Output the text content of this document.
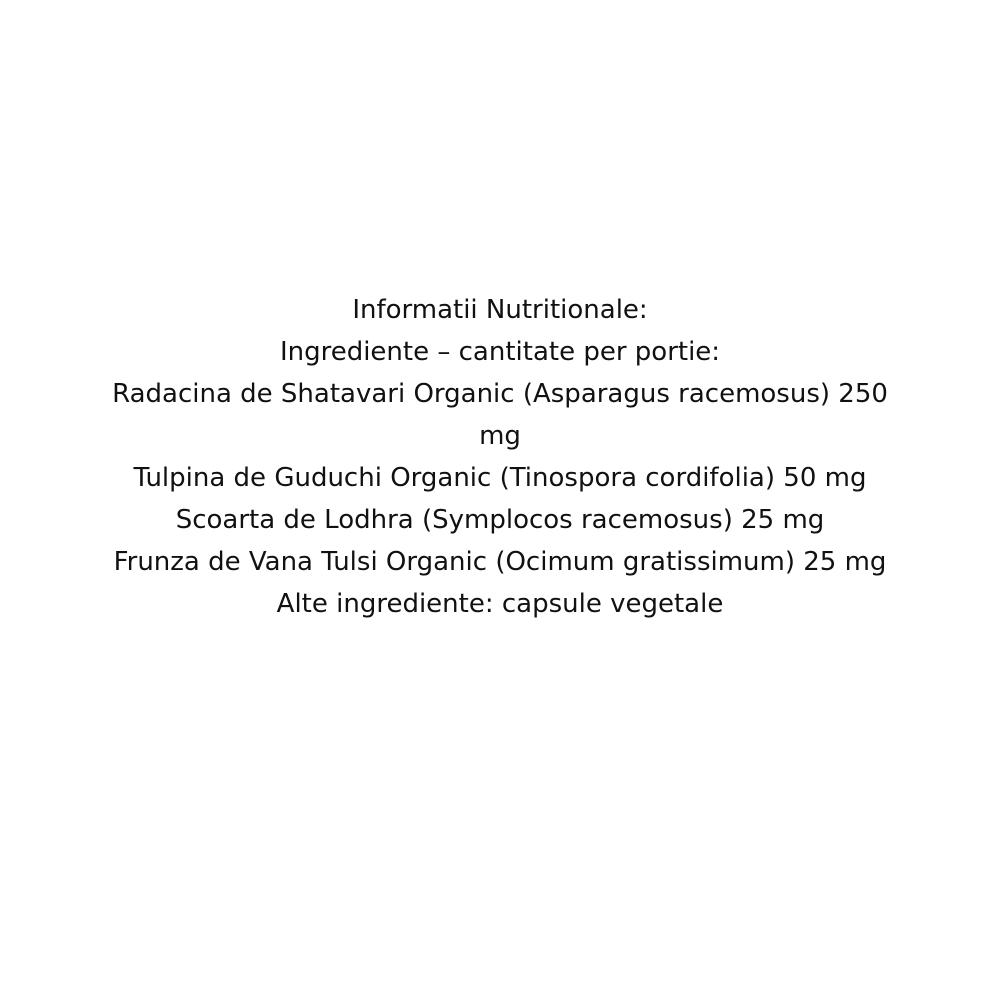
Informatii Nutritionale:
Ingrediente – cantitate per portie:
Radacina de Shatavari Organic (Asparagus racemosus) 250 mg
Tulpina de Guduchi Organic (Tinospora cordifolia) 50 mg
Scoarta de Lodhra (Symplocos racemosus) 25 mg
Frunza de Vana Tulsi Organic (Ocimum gratissimum) 25 mg
Alte ingrediente: capsule vegetale
